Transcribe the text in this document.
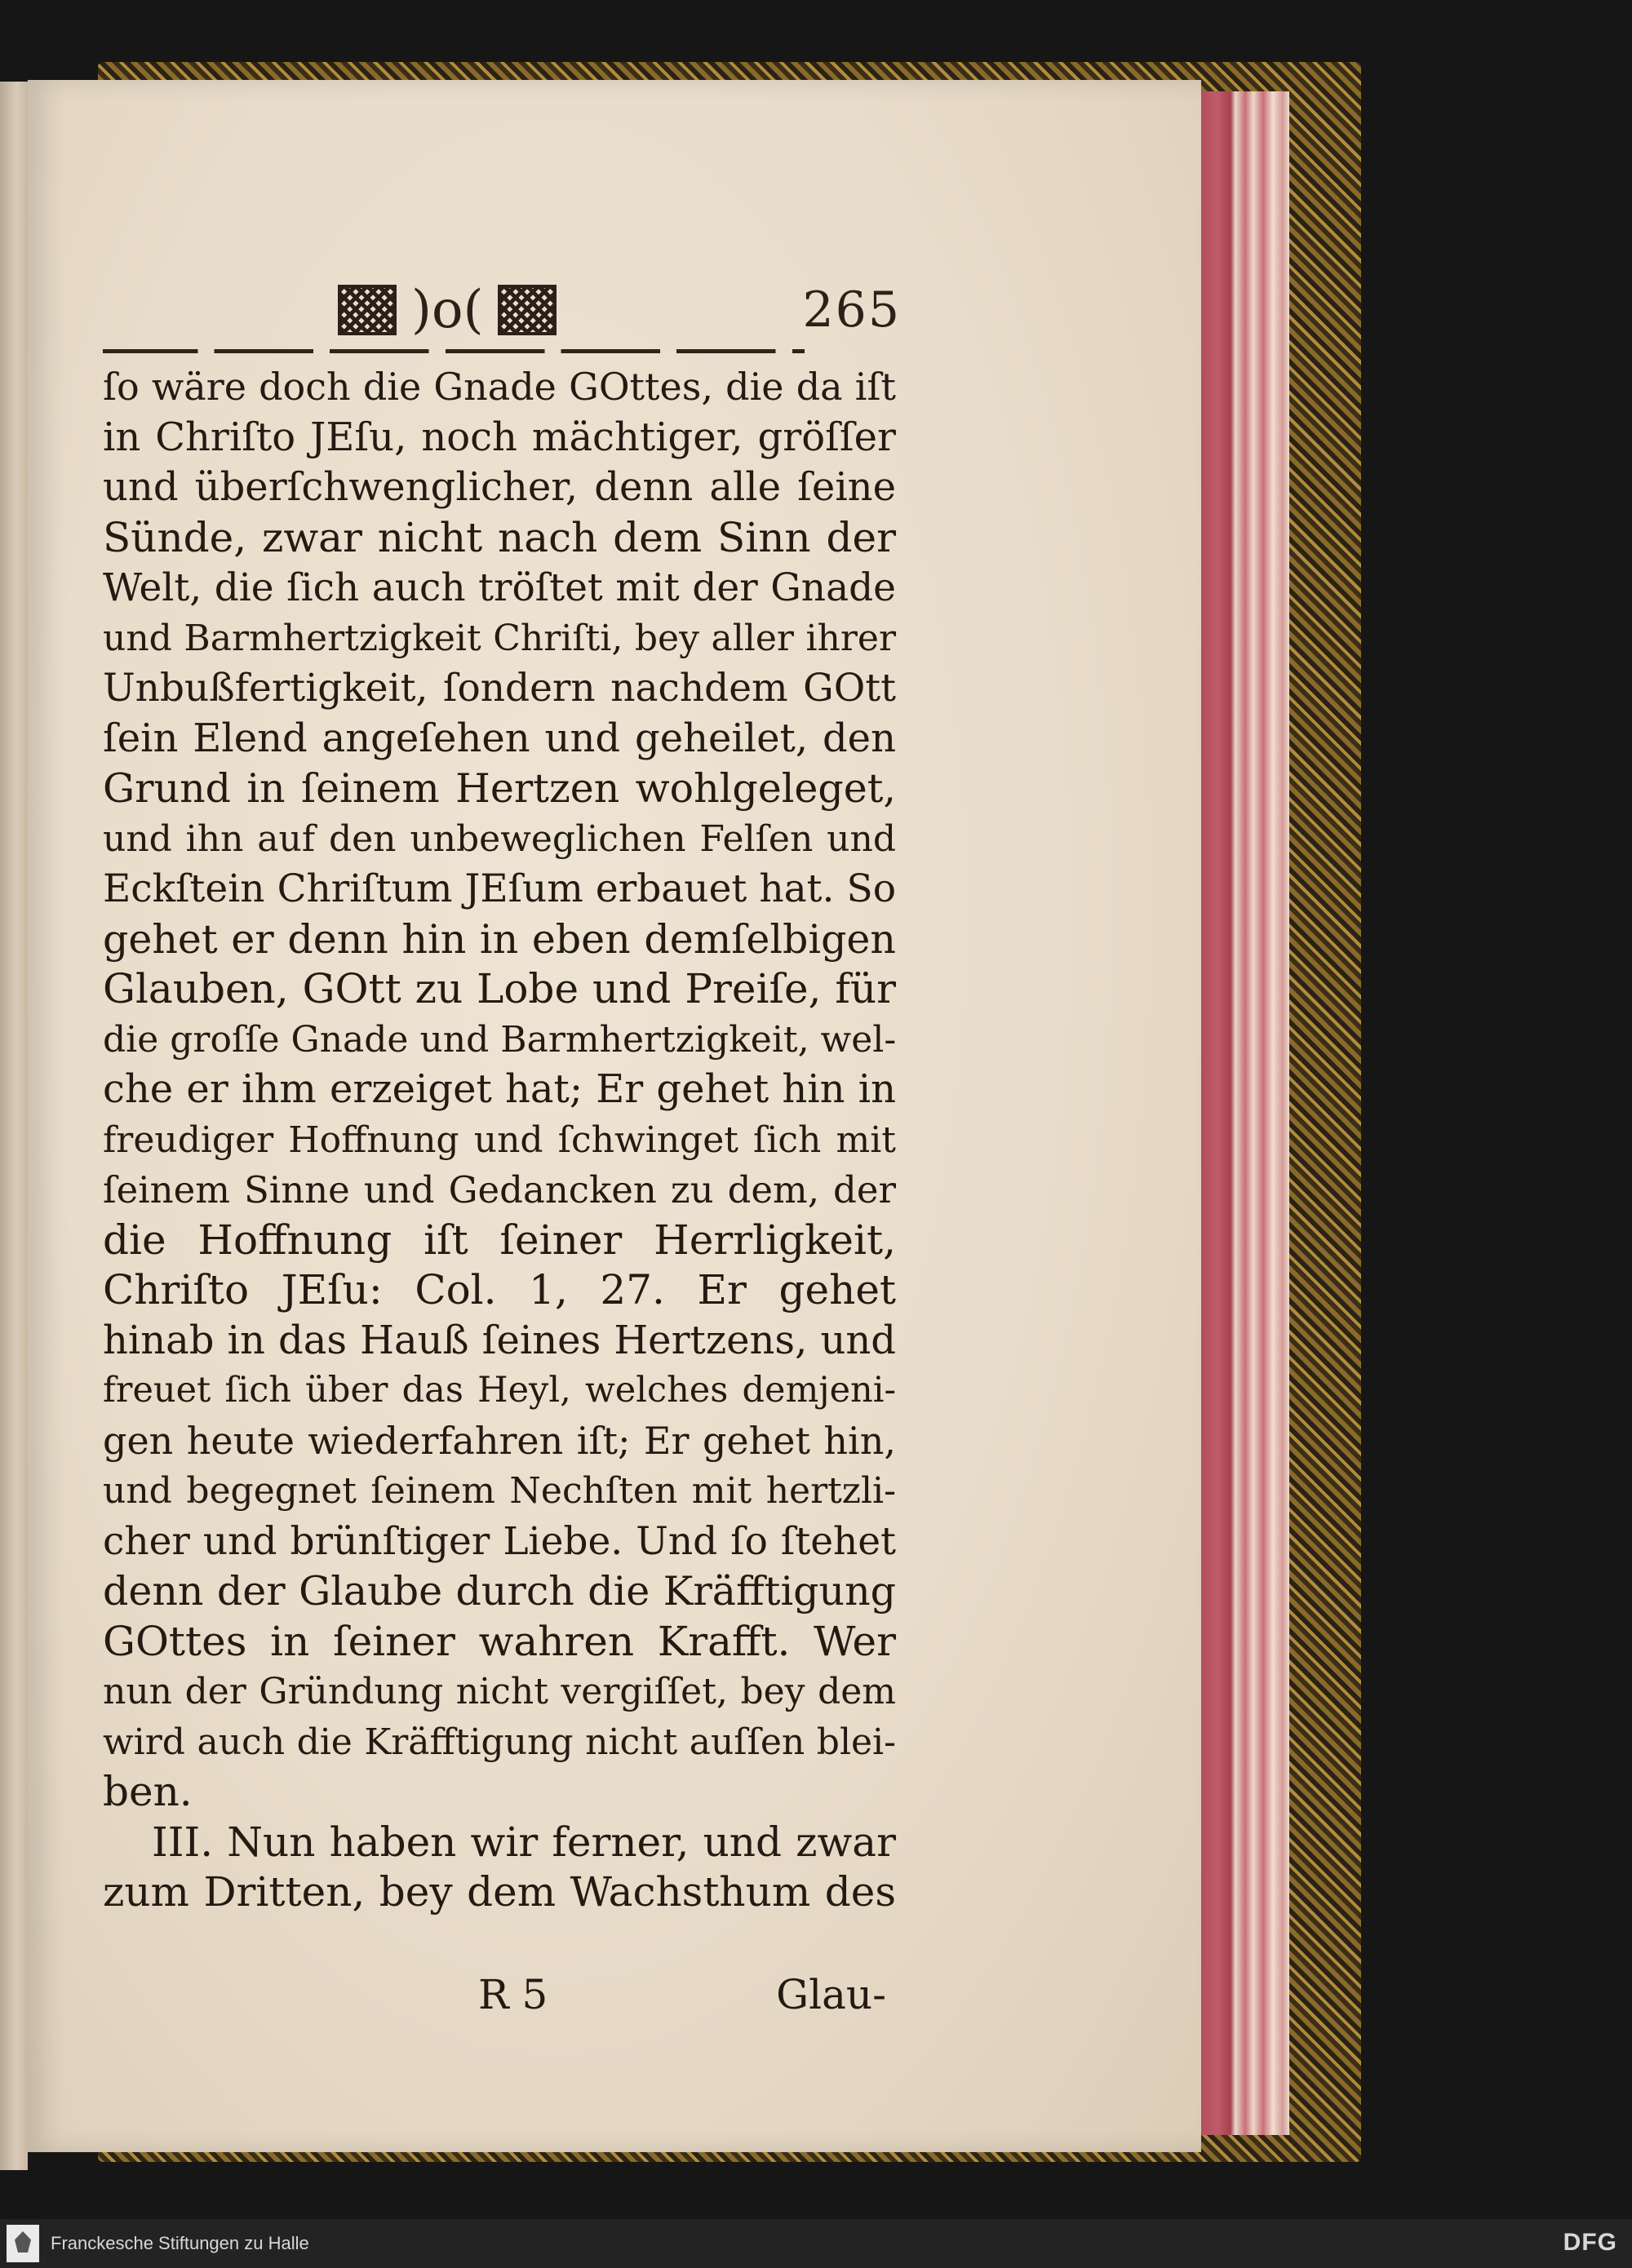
)o(	265
ſo wäre doch die Gnade GOttes, die da iſt
in Chriſto JEſu, noch mächtiger, gröſſer
und überſchwenglicher, denn alle ſeine
Sünde, zwar nicht nach dem Sinn der
Welt, die ſich auch tröſtet mit der Gnade
und Barmhertzigkeit Chriſti, bey aller ihrer
Unbußfertigkeit, ſondern nachdem GOtt
ſein Elend angeſehen und geheilet, den
Grund in ſeinem Hertzen wohlgeleget,
und ihn auf den unbeweglichen Felſen und
Eckſtein Chriſtum JEſum erbauet hat. So
gehet er denn hin in eben demſelbigen
Glauben, GOtt zu Lobe und Preiſe, für
die groſſe Gnade und Barmhertzigkeit, wel-
che er ihm erzeiget hat; Er gehet hin in
freudiger Hoffnung und ſchwinget ſich mit
ſeinem Sinne und Gedancken zu dem, der
die Hoffnung iſt ſeiner Herrligkeit,
Chriſto JEſu: Col. 1, 27. Er gehet
hinab in das Hauß ſeines Hertzens, und
freuet ſich über das Heyl, welches demjeni-
gen heute wiederfahren iſt; Er gehet hin,
und begegnet ſeinem Nechſten mit hertzli-
cher und brünſtiger Liebe. Und ſo ſtehet
denn der Glaube durch die Kräfftigung
GOttes in ſeiner wahren Krafft. Wer
nun der Gründung nicht vergiſſet, bey dem
wird auch die Kräfftigung nicht auſſen blei-
ben.
III. Nun haben wir ferner, und zwar
zum Dritten, bey dem Wachsthum des
R 5	Glau-
Franckesche Stiftungen zu Halle	DFG
